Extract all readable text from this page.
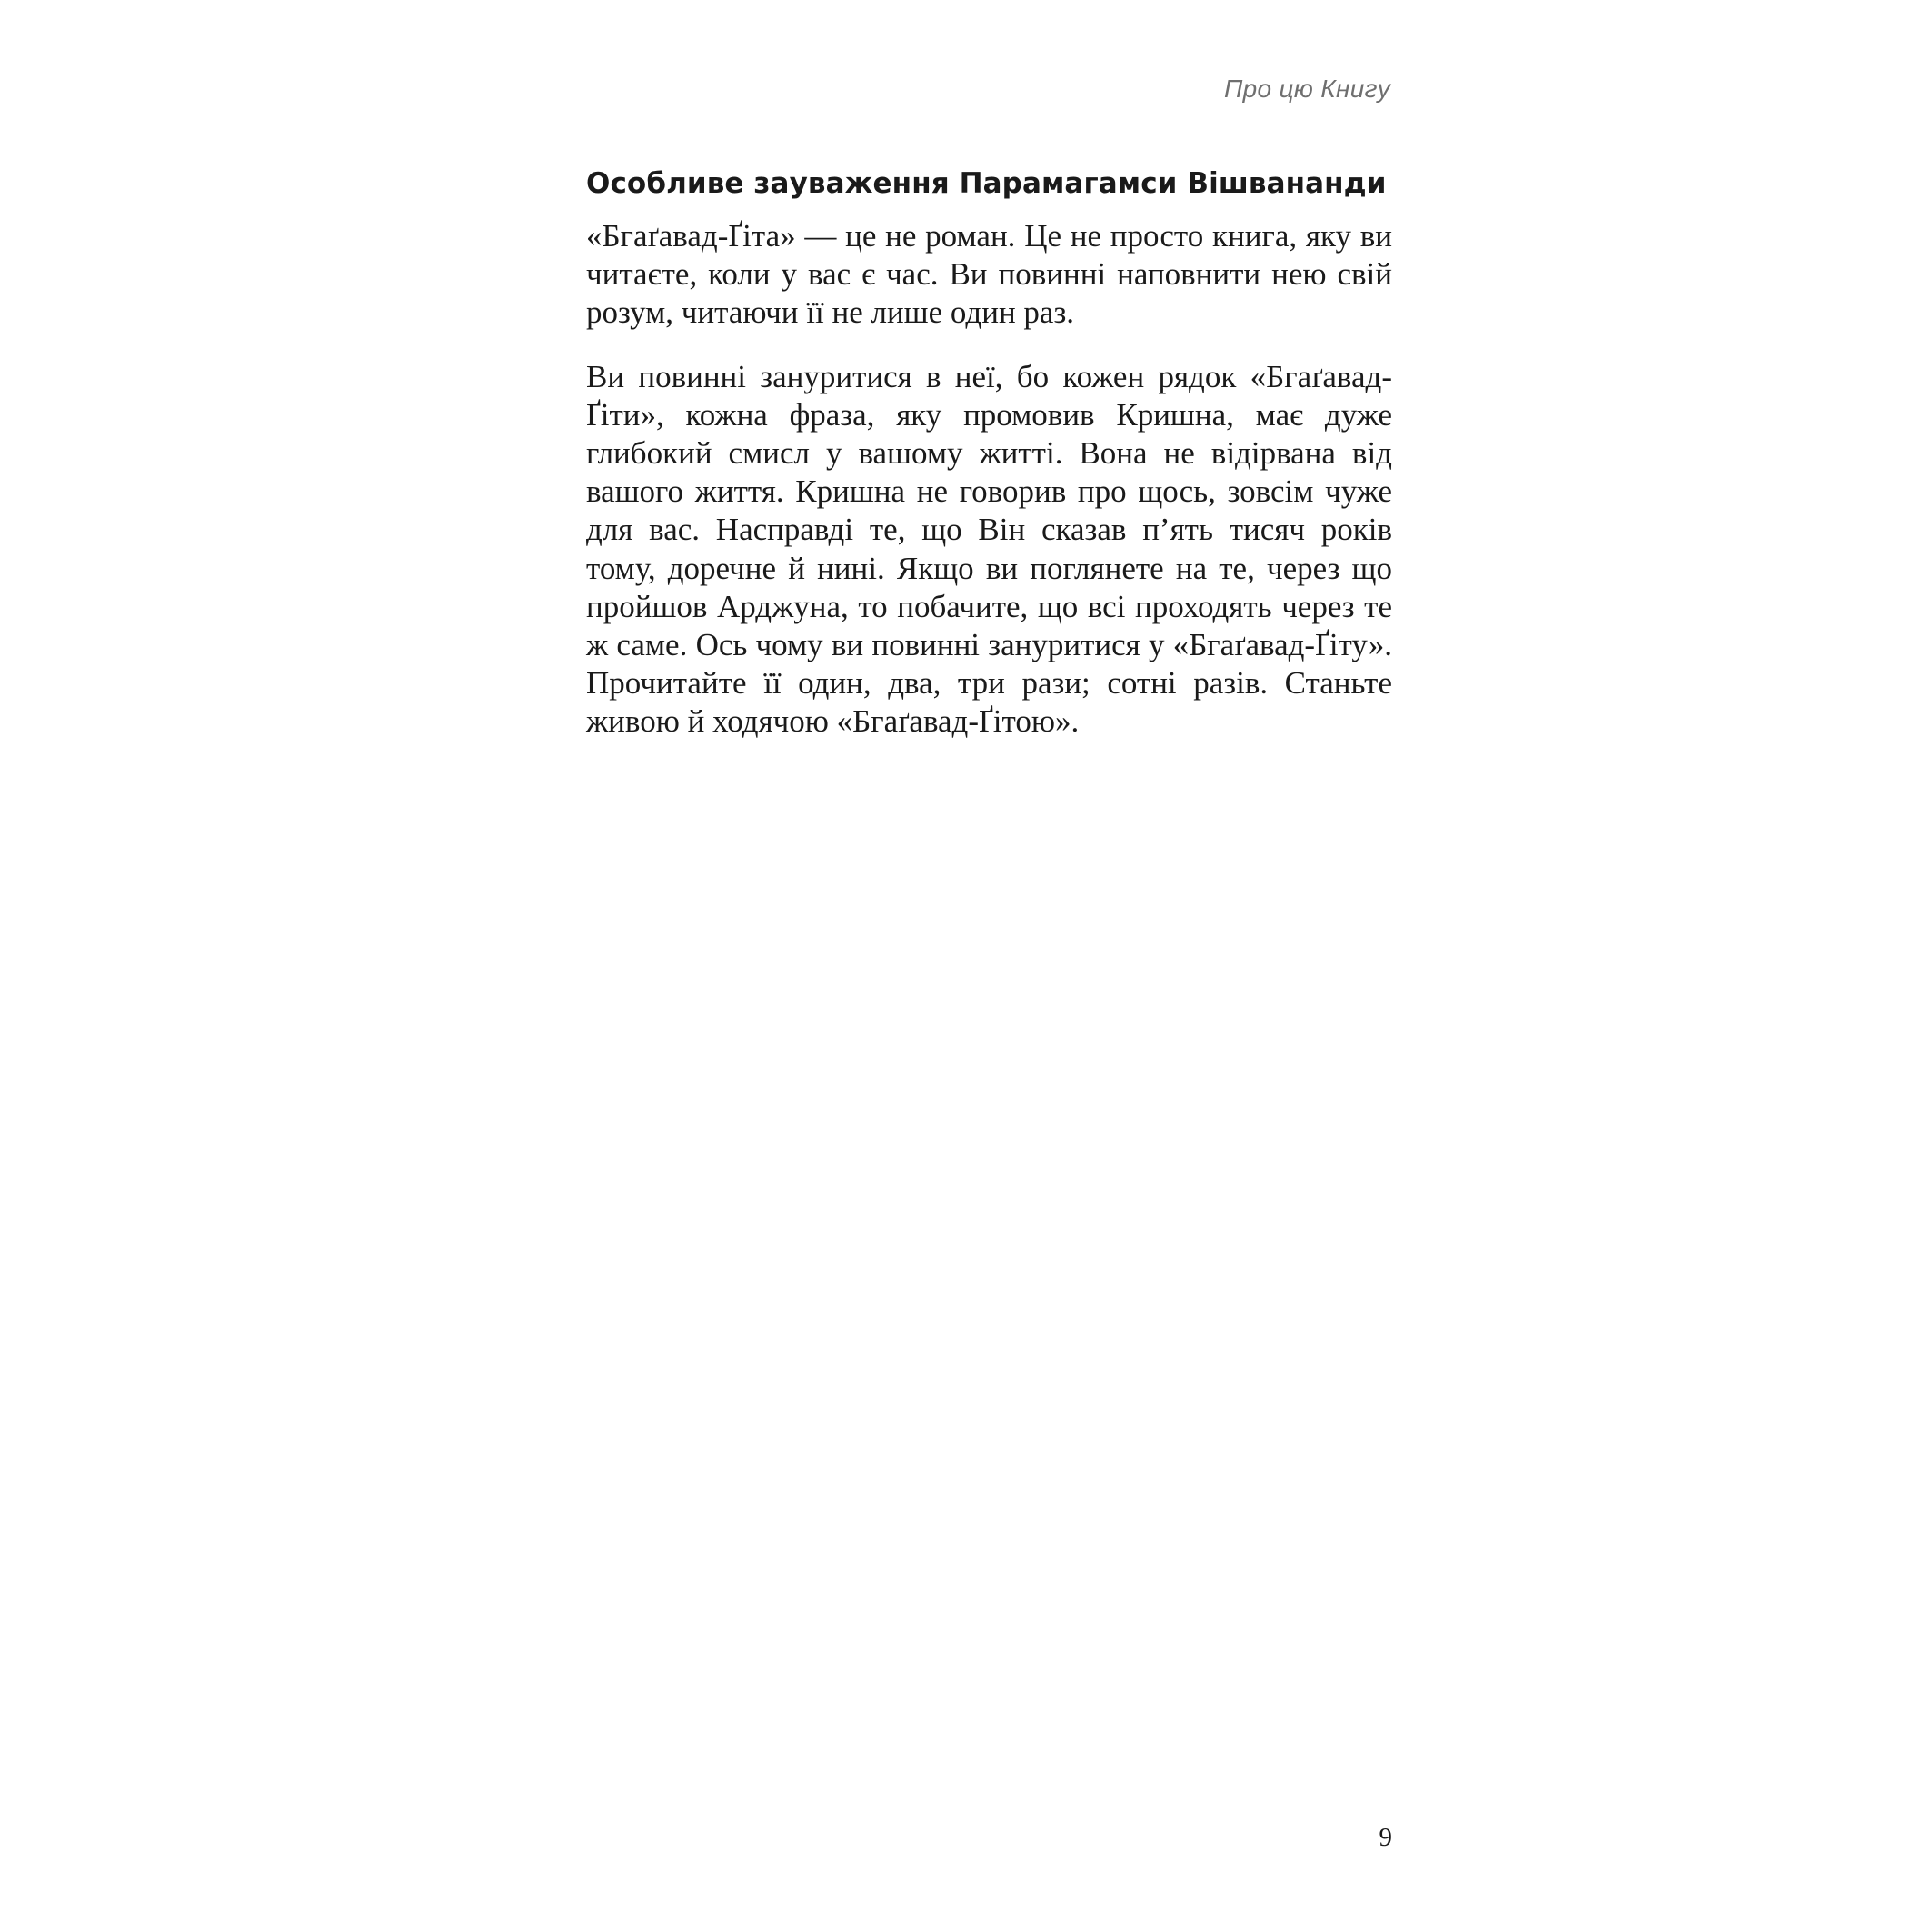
Про цю Книгу
Особливе зауваження Парамагамси Вішвананди

«Бгаґавад-Ґіта» — це не роман. Це не просто книга, яку ви читаєте, коли у вас є час. Ви повинні наповнити нею свій розум, читаючи її не лише один раз.

Ви повинні зануритися в неї, бо кожен рядок «Бгаґавад-Ґіти», кожна фраза, яку промовив Кришна, має дуже глибокий смисл у вашому житті. Вона не відірвана від вашого життя. Кришна не говорив про щось, зовсім чуже для вас. Насправді те, що Він сказав п’ять тисяч років тому, доречне й нині. Якщо ви поглянете на те, через що пройшов Арджуна, то побачите, що всі проходять через те ж саме. Ось чому ви повинні зануритися у «Бгаґавад-Ґіту». Прочитайте її один, два, три рази; сотні разів. Станьте живою й ходячою «Бгаґавад-Ґітою».

9
